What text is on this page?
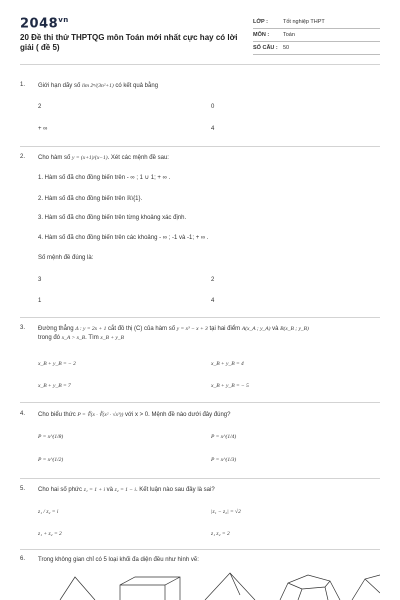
$2048^{vn}$
20 Đề thi thử THPTQG môn Toán mới nhất cực hay có lời giải ( đề 5)
LỚP :	Tốt nghiệp THPT
MÔN :	Toán
SỐ CÂU : 50
1. Giới hạn dãy số lim 2ⁿ/(3n²+1) có kết quả bằng
2	0
+ ∞	4
2. Cho hàm số y = (x+1)/(x−1). Xét các mệnh đề sau:
1. Hàm số đã cho đồng biến trên - ∞ ; 1 ∪ 1; + ∞ .
2. Hàm số đã cho đồng biến trên ℝ\{1}.
3. Hàm số đã cho đồng biến trên từng khoảng xác định.
4. Hàm số đã cho đồng biến trên các khoảng - ∞ ; -1 và -1; + ∞ .
Số mệnh đề đúng là:
3	2
1	4
3. Đường thẳng Δ : y = 2x + 1 cắt đồ thị (C) của hàm số y = x³ − x + 3 tại hai điểm A(x_A ; y_A) và B(x_B ; y_B)
trong đó x_A > x_B. Tìm x_B + y_B
x_B + y_B = − 2	x_B + y_B = 4
x_B + y_B = 7	x_B + y_B = − 5
4. Cho biểu thức P = ∜(x · ∛(x² · √x³)) với x > 0. Mệnh đề nào dưới đây đúng?
P = x^(1/8)	P = x^(1/4)
P = x^(1/2)	P = x^(1/3)
5. Cho hai số phức z₁ = 1 + i và z₂ = 1 − i. Kết luận nào sau đây là sai?
z₁ / z₂ = i	|z₁ − z₂| = √2
z₁ + z₂ = 2	z₁ z₂ = 2
6. Trong không gian chỉ có 5 loại khối đa diện đều như hình vẽ:
